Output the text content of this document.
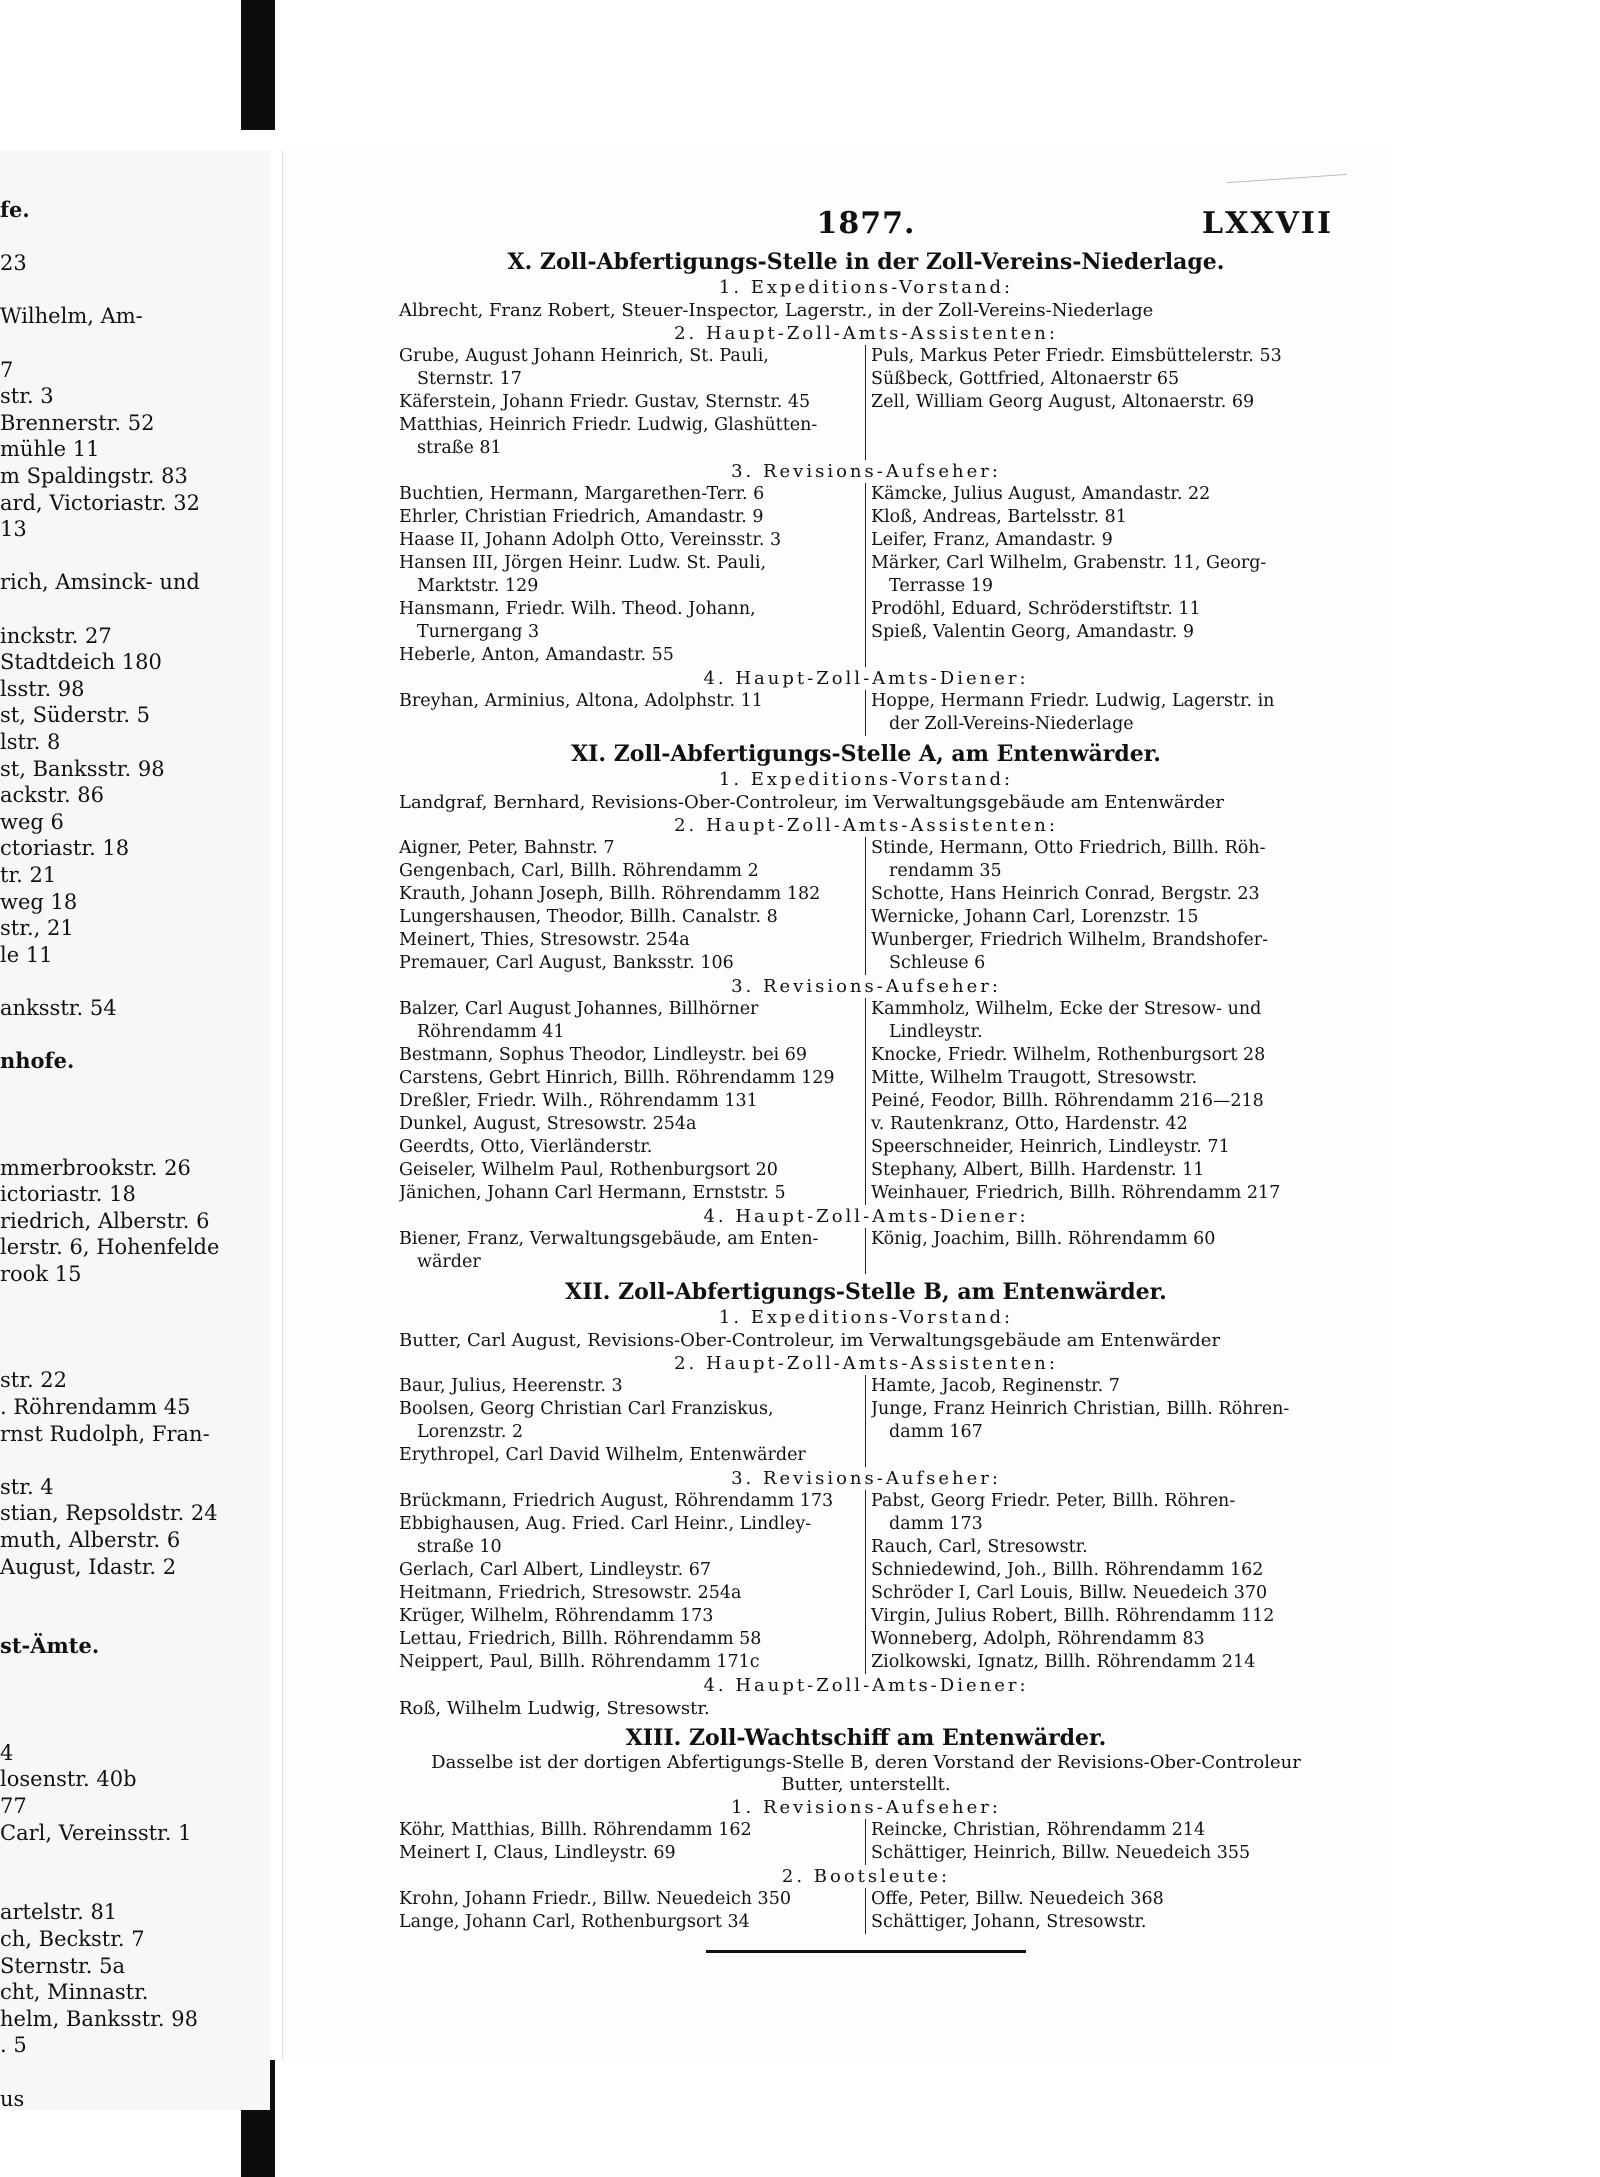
fe.
23
Wilhelm, Am-
7
str. 3
Brennerstr. 52
mühle 11
m Spaldingstr. 83
ard, Victoriastr. 32
13
rich, Amsinck- und
inckstr. 27
Stadtdeich 180
lsstr. 98
st, Süderstr. 5
lstr. 8
st, Banksstr. 98
ackstr. 86
weg 6
ctoriastr. 18
tr. 21
weg 18
str., 21
le 11
anksstr. 54
nhofe.
mmerbrookstr. 26
ictoriastr. 18
riedrich, Alberstr. 6
lerstr. 6, Hohenfelde
rook 15
str. 22
. Röhrendamm 45
rnst Rudolph, Fran-
str. 4
stian, Repsoldstr. 24
muth, Alberstr. 6
August, Idastr. 2
st-Ämte.
4
losenstr. 40b
77
Carl, Vereinsstr. 1
artelstr. 81
ch, Beckstr. 7
Sternstr. 5a
cht, Minnastr.
helm, Banksstr. 98
. 5
us
1877.	LXXVII
X. Zoll-Abfertigungs-Stelle in der Zoll-Vereins-Niederlage.
1. Expeditions-Vorstand:
Albrecht, Franz Robert, Steuer-Inspector, Lagerstr., in der Zoll-Vereins-Niederlage
2. Haupt-Zoll-Amts-Assistenten:
Grube, August Johann Heinrich, St. Pauli,
Sternstr. 17
Käferstein, Johann Friedr. Gustav, Sternstr. 45
Matthias, Heinrich Friedr. Ludwig, Glashütten-
straße 81
Puls, Markus Peter Friedr. Eimsbüttelerstr. 53
Süßbeck, Gottfried, Altonaerstr 65
Zell, William Georg August, Altonaerstr. 69
3. Revisions-Aufseher:
Buchtien, Hermann, Margarethen-Terr. 6
Ehrler, Christian Friedrich, Amandastr. 9
Haase II, Johann Adolph Otto, Vereinsstr. 3
Hansen III, Jörgen Heinr. Ludw. St. Pauli,
Marktstr. 129
Hansmann, Friedr. Wilh. Theod. Johann,
Turnergang 3
Heberle, Anton, Amandastr. 55
Kämcke, Julius August, Amandastr. 22
Kloß, Andreas, Bartelsstr. 81
Leifer, Franz, Amandastr. 9
Märker, Carl Wilhelm, Grabenstr. 11, Georg-
Terrasse 19
Prodöhl, Eduard, Schröderstiftstr. 11
Spieß, Valentin Georg, Amandastr. 9
4. Haupt-Zoll-Amts-Diener:
Breyhan, Arminius, Altona, Adolphstr. 11	Hoppe, Hermann Friedr. Ludwig, Lagerstr. in
der Zoll-Vereins-Niederlage
XI. Zoll-Abfertigungs-Stelle A, am Entenwärder.
1. Expeditions-Vorstand:
Landgraf, Bernhard, Revisions-Ober-Controleur, im Verwaltungsgebäude am Entenwärder
2. Haupt-Zoll-Amts-Assistenten:
Aigner, Peter, Bahnstr. 7
Gengenbach, Carl, Billh. Röhrendamm 2
Krauth, Johann Joseph, Billh. Röhrendamm 182
Lungershausen, Theodor, Billh. Canalstr. 8
Meinert, Thies, Stresowstr. 254a
Premauer, Carl August, Banksstr. 106
Stinde, Hermann, Otto Friedrich, Billh. Röh-
rendamm 35
Schotte, Hans Heinrich Conrad, Bergstr. 23
Wernicke, Johann Carl, Lorenzstr. 15
Wunberger, Friedrich Wilhelm, Brandshofer-
Schleuse 6
3. Revisions-Aufseher:
Balzer, Carl August Johannes, Billhörner
Röhrendamm 41
Bestmann, Sophus Theodor, Lindleystr. bei 69
Carstens, Gebrt Hinrich, Billh. Röhrendamm 129
Dreßler, Friedr. Wilh., Röhrendamm 131
Dunkel, August, Stresowstr. 254a
Geerdts, Otto, Vierländerstr.
Geiseler, Wilhelm Paul, Rothenburgsort 20
Jänichen, Johann Carl Hermann, Ernststr. 5
Kammholz, Wilhelm, Ecke der Stresow- und
Lindleystr.
Knocke, Friedr. Wilhelm, Rothenburgsort 28
Mitte, Wilhelm Traugott, Stresowstr.
Peiné, Feodor, Billh. Röhrendamm 216—218
v. Rautenkranz, Otto, Hardenstr. 42
Speerschneider, Heinrich, Lindleystr. 71
Stephany, Albert, Billh. Hardenstr. 11
Weinhauer, Friedrich, Billh. Röhrendamm 217
4. Haupt-Zoll-Amts-Diener:
Biener, Franz, Verwaltungsgebäude, am Enten-
wärder
König, Joachim, Billh. Röhrendamm 60
XII. Zoll-Abfertigungs-Stelle B, am Entenwärder.
1. Expeditions-Vorstand:
Butter, Carl August, Revisions-Ober-Controleur, im Verwaltungsgebäude am Entenwärder
2. Haupt-Zoll-Amts-Assistenten:
Baur, Julius, Heerenstr. 3
Boolsen, Georg Christian Carl Franziskus,
Lorenzstr. 2
Erythropel, Carl David Wilhelm, Entenwärder
Hamte, Jacob, Reginenstr. 7
Junge, Franz Heinrich Christian, Billh. Röhren-
damm 167
3. Revisions-Aufseher:
Brückmann, Friedrich August, Röhrendamm 173
Ebbighausen, Aug. Fried. Carl Heinr., Lindley-
straße 10
Gerlach, Carl Albert, Lindleystr. 67
Heitmann, Friedrich, Stresowstr. 254a
Krüger, Wilhelm, Röhrendamm 173
Lettau, Friedrich, Billh. Röhrendamm 58
Neippert, Paul, Billh. Röhrendamm 171c
Pabst, Georg Friedr. Peter, Billh. Röhren-
damm 173
Rauch, Carl, Stresowstr.
Schniedewind, Joh., Billh. Röhrendamm 162
Schröder I, Carl Louis, Billw. Neuedeich 370
Virgin, Julius Robert, Billh. Röhrendamm 112
Wonneberg, Adolph, Röhrendamm 83
Ziolkowski, Ignatz, Billh. Röhrendamm 214
4. Haupt-Zoll-Amts-Diener:
Roß, Wilhelm Ludwig, Stresowstr.
XIII. Zoll-Wachtschiff am Entenwärder.
Dasselbe ist der dortigen Abfertigungs-Stelle B, deren Vorstand der Revisions-Ober-Controleur
Butter, unterstellt.
1. Revisions-Aufseher:
Köhr, Matthias, Billh. Röhrendamm 162
Meinert I, Claus, Lindleystr. 69
Reincke, Christian, Röhrendamm 214
Schättiger, Heinrich, Billw. Neuedeich 355
2. Bootsleute:
Krohn, Johann Friedr., Billw. Neuedeich 350
Lange, Johann Carl, Rothenburgsort 34
Offe, Peter, Billw. Neuedeich 368
Schättiger, Johann, Stresowstr.
